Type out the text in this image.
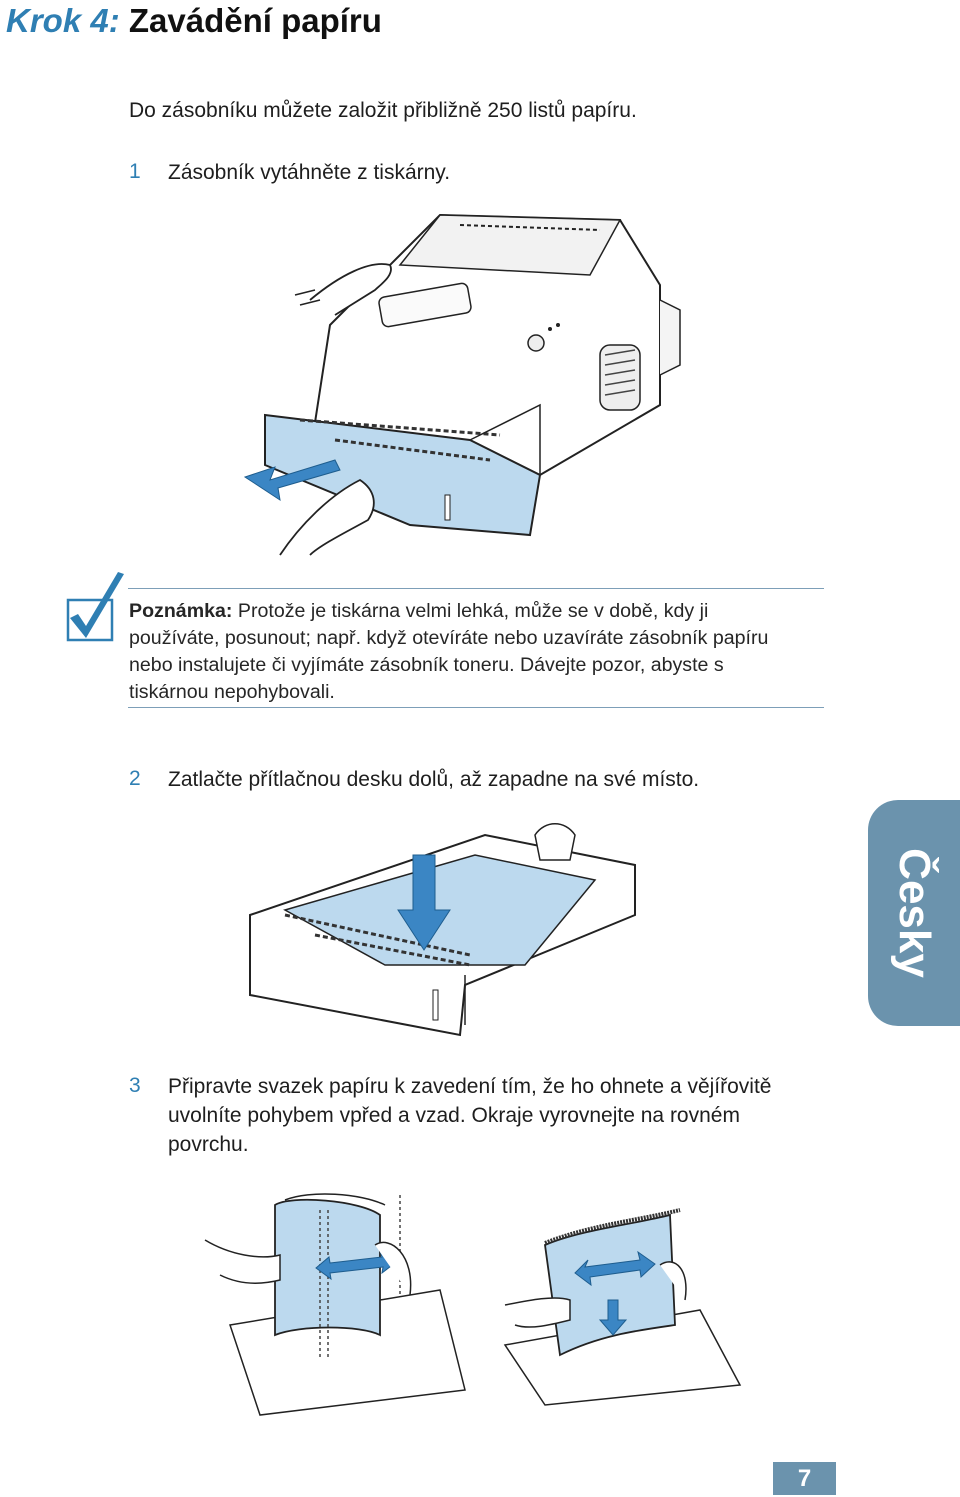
Krok 4: Zavádění papíru
Do zásobníku můžete založit přibližně 250 listů papíru.
1 Zásobník vytáhněte z tiskárny.
Poznámka: Protože je tiskárna velmi lehká, může se v době, kdy ji
používáte, posunout; např. když otevíráte nebo uzavíráte zásobník papíru
nebo instalujete či vyjímáte zásobník toneru. Dávejte pozor, abyste s
tiskárnou nepohybovali.
2 Zatlačte přítlačnou desku dolů, až zapadne na své místo.
Česky
3 Připravte svazek papíru k zavedení tím, že ho ohnete a vějířovitě
uvolníte pohybem vpřed a vzad. Okraje vyrovnejte na rovném
povrchu.
7
